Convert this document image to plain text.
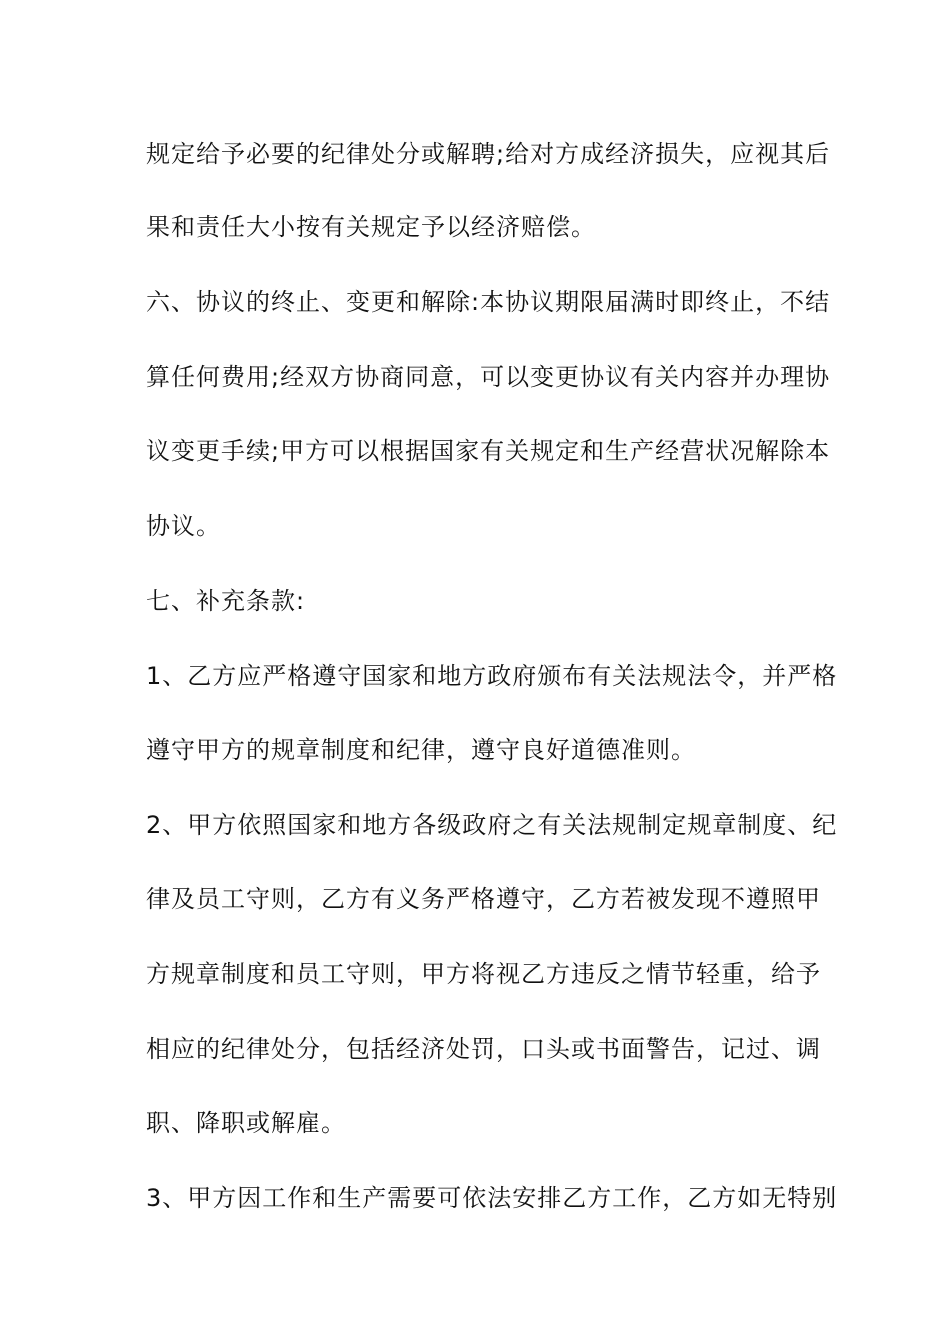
规定给予必要的纪律处分或解聘;给对方成经济损失，应视其后
果和责任大小按有关规定予以经济赔偿。
六、协议的终止、变更和解除:本协议期限届满时即终止，不结
算任何费用;经双方协商同意，可以变更协议有关内容并办理协
议变更手续;甲方可以根据国家有关规定和生产经营状况解除本
协议。
七、补充条款:
1、乙方应严格遵守国家和地方政府颁布有关法规法令，并严格
遵守甲方的规章制度和纪律，遵守良好道德准则。
2、甲方依照国家和地方各级政府之有关法规制定规章制度、纪
律及员工守则，乙方有义务严格遵守，乙方若被发现不遵照甲
方规章制度和员工守则，甲方将视乙方违反之情节轻重，给予
相应的纪律处分，包括经济处罚，口头或书面警告，记过、调
职、降职或解雇。
3、甲方因工作和生产需要可依法安排乙方工作，乙方如无特别
